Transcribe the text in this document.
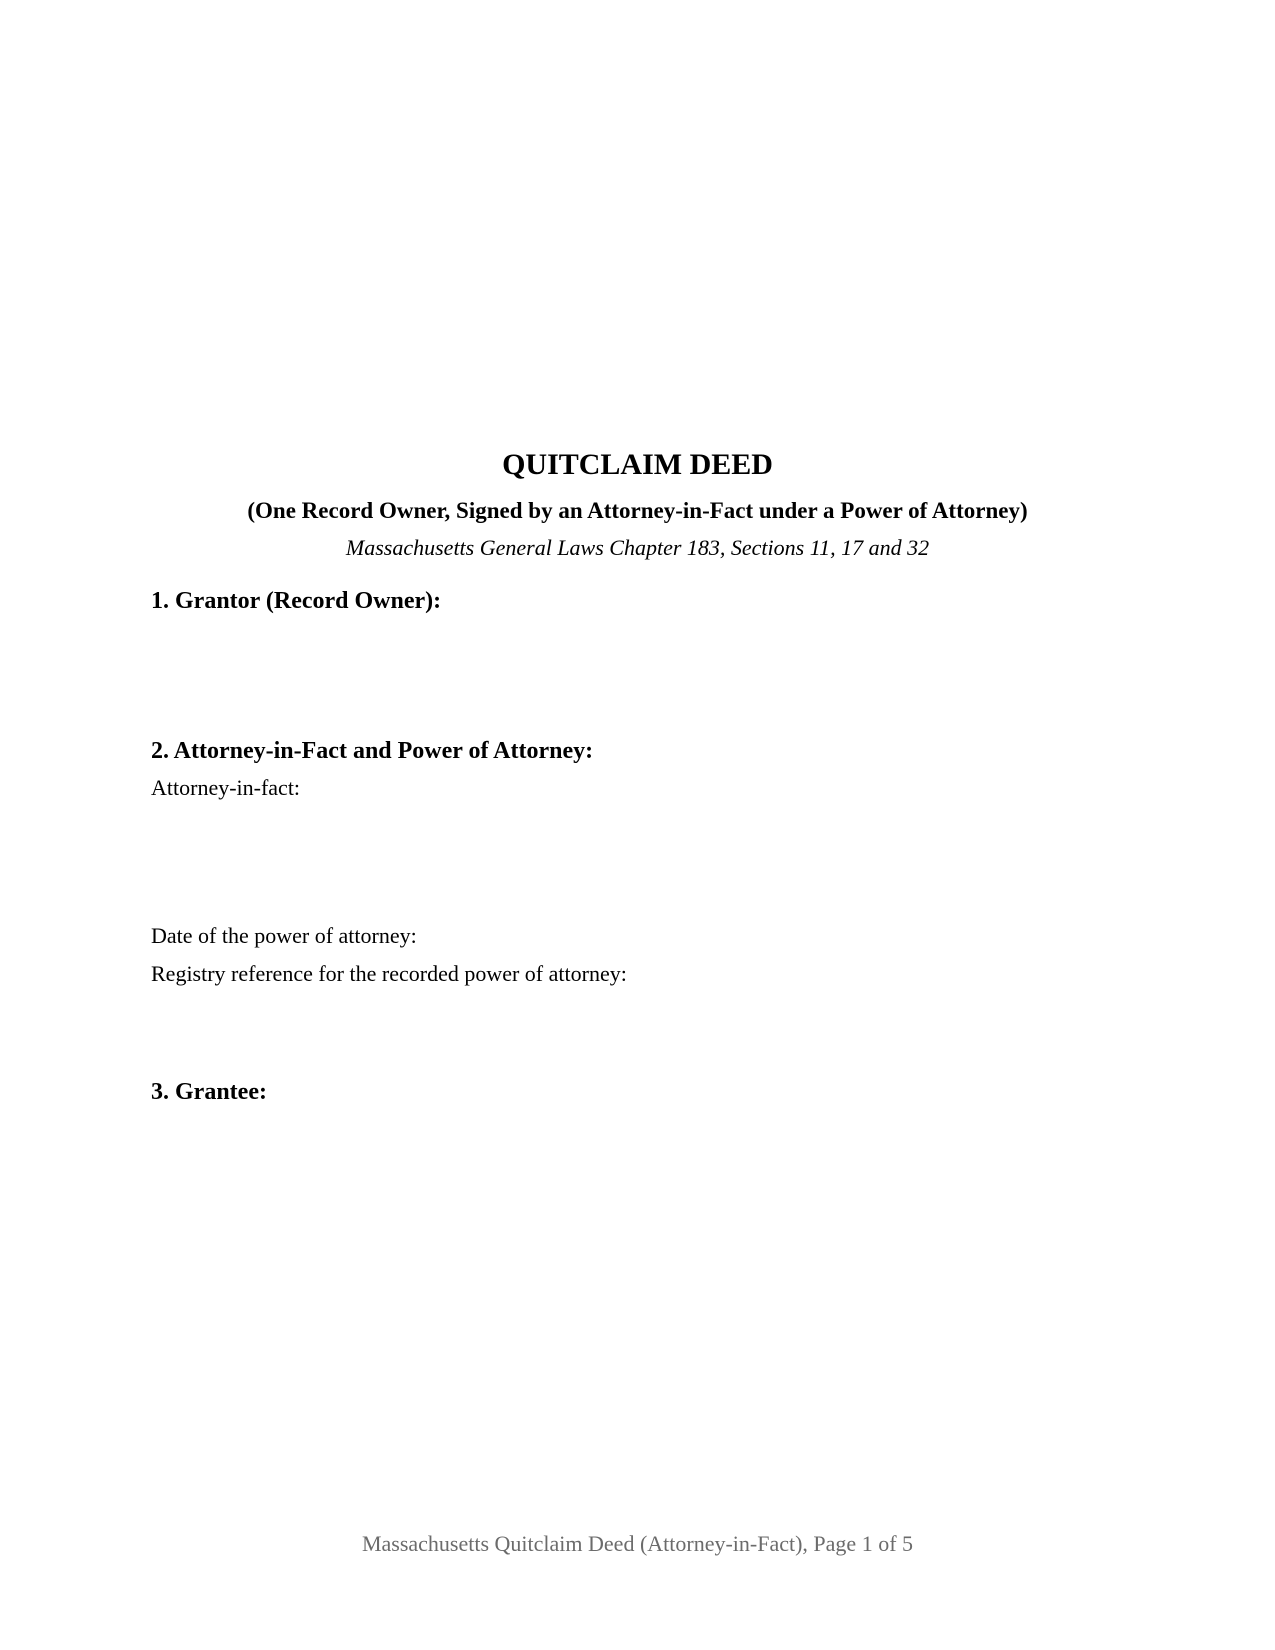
QUITCLAIM DEED
(One Record Owner, Signed by an Attorney-in-Fact under a Power of Attorney)
Massachusetts General Laws Chapter 183, Sections 11, 17 and 32
1. Grantor (Record Owner):
2. Attorney-in-Fact and Power of Attorney:
Attorney-in-fact:
Date of the power of attorney:
Registry reference for the recorded power of attorney:
3. Grantee:
Massachusetts Quitclaim Deed (Attorney-in-Fact), Page 1 of 5
